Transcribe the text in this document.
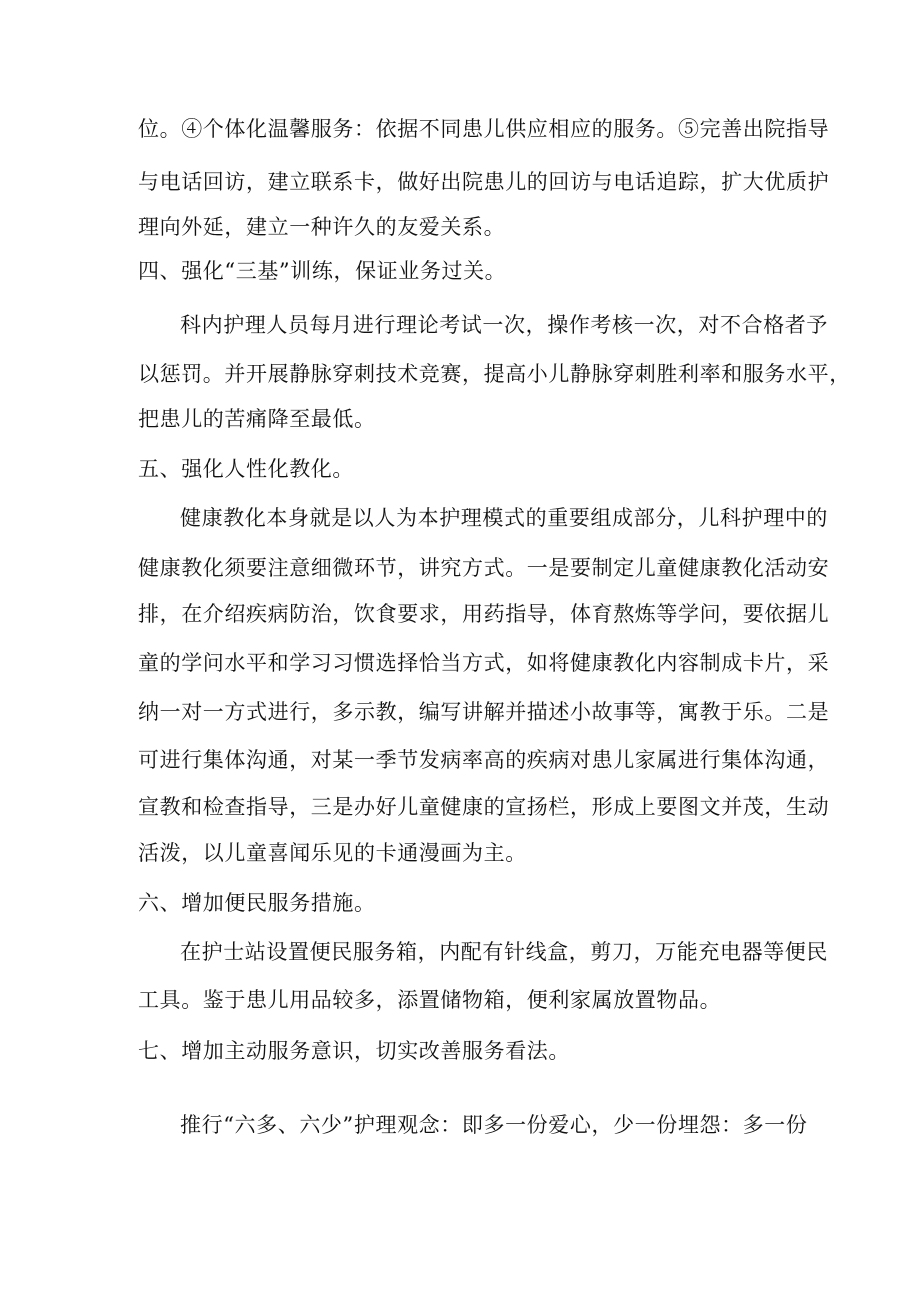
位。④个体化温馨服务：依据不同患儿供应相应的服务。⑤完善出院指导
与电话回访，建立联系卡，做好出院患儿的回访与电话追踪，扩大优质护
理向外延，建立一种许久的友爱关系。
四、强化“三基”训练，保证业务过关。
科内护理人员每月进行理论考试一次，操作考核一次，对不合格者予
以惩罚。并开展静脉穿刺技术竞赛，提高小儿静脉穿刺胜利率和服务水平，
把患儿的苦痛降至最低。
五、强化人性化教化。
健康教化本身就是以人为本护理模式的重要组成部分，儿科护理中的
健康教化须要注意细微环节，讲究方式。一是要制定儿童健康教化活动安
排，在介绍疾病防治，饮食要求，用药指导，体育熬炼等学问，要依据儿
童的学问水平和学习习惯选择恰当方式，如将健康教化内容制成卡片，采
纳一对一方式进行，多示教，编写讲解并描述小故事等，寓教于乐。二是
可进行集体沟通，对某一季节发病率高的疾病对患儿家属进行集体沟通，
宣教和检查指导，三是办好儿童健康的宣扬栏，形成上要图文并茂，生动
活泼，以儿童喜闻乐见的卡通漫画为主。
六、增加便民服务措施。
在护士站设置便民服务箱，内配有针线盒，剪刀，万能充电器等便民
工具。鉴于患儿用品较多，添置储物箱，便利家属放置物品。
七、增加主动服务意识，切实改善服务看法。
推行“六多、六少”护理观念：即多一份爱心，少一份埋怨：多一份
